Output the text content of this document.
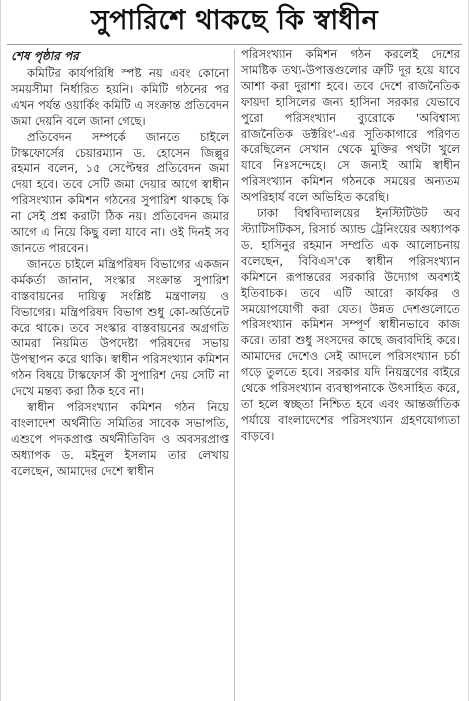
সুপারিশে থাকছে কি স্বাধীন
শেষ পৃষ্ঠার পর

কমিটির কার্যপরিধি স্পষ্ট নয় এবং কোনো সময়সীমা নির্ধারিত হয়নি। কমিটি গঠনের পর এখন পর্যন্ত ওয়ার্কিং কমিটি এ সংক্রান্ত প্রতিবেদন জমা দেয়নি বলে জানা গেছে।

প্রতিবেদন সম্পর্কে জানতে চাইলে টাস্কফোর্সের চেয়ারম্যান ড. হোসেন জিল্লুর রহমান বলেন, ১৫ সেপ্টেম্বর প্রতিবেদন জমা দেয়া হবে। তবে সেটি জমা দেয়ার আগে স্বাধীন পরিসংখ্যান কমিশন গঠনের সুপারিশ থাকছে কি না সেই প্রশ্ন করাটা ঠিক নয়। প্রতিবেদন জমার আগে এ নিয়ে কিছু বলা যাবে না। ওই দিনই সব জানতে পারবেন।

জানতে চাইলে মন্ত্রিপরিষদ বিভাগের একজন কর্মকর্তা জানান, সংস্কার সংক্রান্ত সুপারিশ বাস্তবায়নের দায়িত্ব সংশ্লিষ্ট মন্ত্রণালয় ও বিভাগের। মন্ত্রিপরিষদ বিভাগ শুধু কো-অর্ডিনেট করে থাকে। তবে সংস্কার বাস্তবায়নের অগ্রগতি আমরা নিয়মিত উপদেষ্টা পরিষদের সভায় উপস্থাপন করে থাকি। স্বাধীন পরিসংখ্যান কমিশন গঠন বিষয়ে টাস্কফোর্স কী সুপারিশ দেয় সেটি না দেখে মন্তব্য করা ঠিক হবে না।

স্বাধীন পরিসংখ্যান কমিশন গঠন নিয়ে বাংলাদেশ অর্থনীতি সমিতির সাবেক সভাপতি, এশুপে পদকপ্রাপ্ত অর্থনীতিবিদ ও অবসরপ্রাপ্ত অধ্যাপক ড. মইনুল ইসলাম তার লেখায় বলেছেন, আমাদের দেশে স্বাধীন

পরিসংখ্যান কমিশন গঠন করলেই দেশের সামষ্টিক তথ্য-উপাত্তগুলোর ত্রুটি দূর হয়ে যাবে আশা করা দুরাশা হবে। তবে দেশে রাজনৈতিক ফায়দা হাসিলের জন্য হাসিনা সরকার যেভাবে পুরো পরিসংখ্যান ব্যুরোকে 'অবিশ্বাস্য রাজনৈতিক ডক্টরিং'-এর সূতিকাগারে পরিণত করেছিলেন সেখান থেকে মুক্তির পথটা খুলে যাবে নিঃসন্দেহে। সে জন্যই আমি স্বাধীন পরিসংখ্যান কমিশন গঠনকে সময়ের অন্যতম অপরিহার্য বলে অভিহিত করেছি।

ঢাকা বিশ্ববিদ্যালয়ের ইনস্টিটিউট অব স্ট্যাটিসটিকস, রিসার্চ অ্যান্ড ট্রেনিংয়ের অধ্যাপক ড. হাসিনুর রহমান সম্প্রতি এক আলোচনায় বলেছেন, বিবিএস'কে স্বাধীন পরিসংখ্যান কমিশনে রূপান্তরের সরকারি উদ্যোগ অবশ্যই ইতিবাচক। তবে এটি আরো কার্যকর ও সময়োপযোগী করা যেত। উন্নত দেশগুলোতে পরিসংখ্যান কমিশন সম্পূর্ণ স্বাধীনভাবে কাজ করে। তারা শুধু সংসদের কাছে জবাবদিহি করে। আমাদের দেশেও সেই আদলে পরিসংখ্যান চর্চা গড়ে তুলতে হবে। সরকার যদি নিয়ন্ত্রণের বাইরে থেকে পরিসংখ্যান ব্যবস্থাপনাকে উৎসাহিত করে, তা হলে স্বচ্ছতা নিশ্চিত হবে এবং আন্তর্জাতিক পর্যায়ে বাংলাদেশের পরিসংখ্যান গ্রহণযোগ্যতা বাড়বে।
